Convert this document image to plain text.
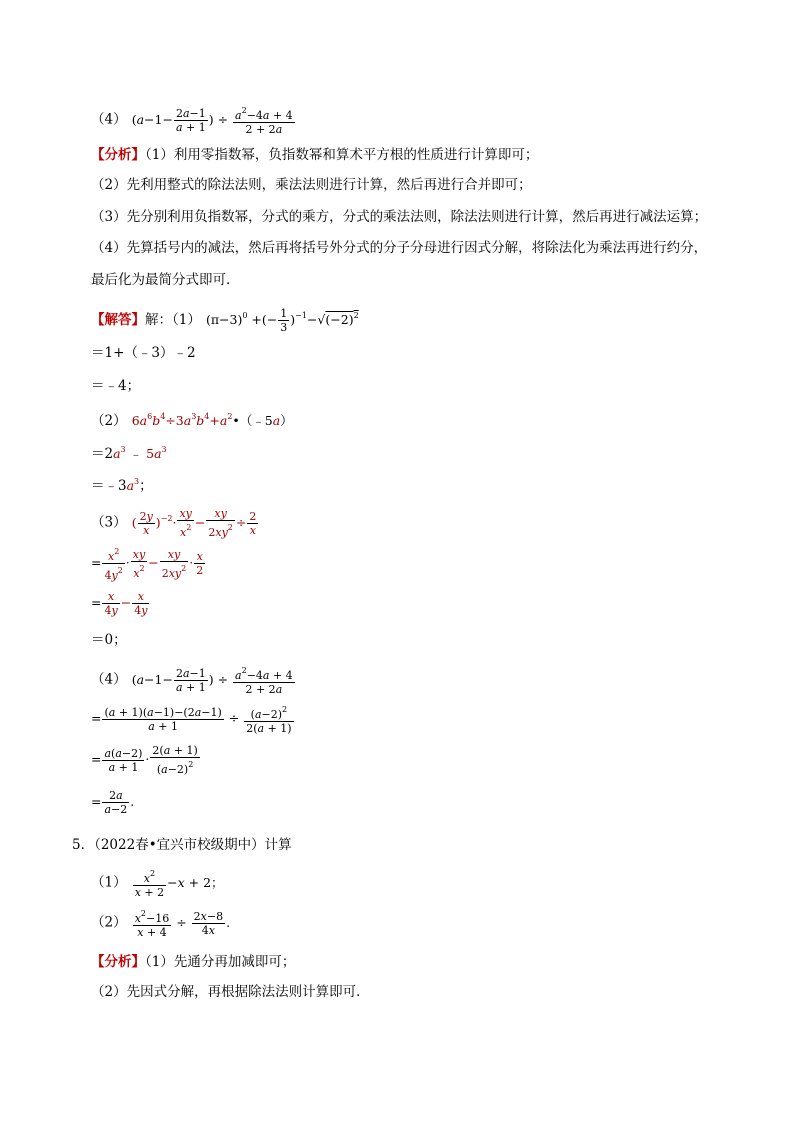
（4） ($a-1- \frac{2a-1}{a + 1}$ ) ÷ $\frac{a^2-4a + 4}{2 + 2a}$
【分析】（1）利用零指数幂，负指数幂和算术平方根的性质进行计算即可；
（2）先利用整式的除法法则，乘法法则进行计算，然后再进行合并即可；
（3）先分别利用负指数幂，分式的乘方，分式的乘法法则，除法法则进行计算，然后再进行减法运算；
（4）先算括号内的减法，然后再将括号外分式的分子分母进行因式分解，将除法化为乘法再进行约分，
最后化为最简分式即可．
【解答】解：（1） $(\pi-3)^0$ +(− $\frac{1}{3} )^{-1}-√(-2)^2$
＝1+（﹣3）﹣2
＝﹣4；
（2） $6a^6b^4\div 3a^3b^4+a^2•(﹣5a)$
$=2a^3$ ﹣ $5a^3$
$=﹣3a^3$；
（3） ( $\frac{2y}{x} )^{-2}\cdot \frac{xy}{x^2} - \frac{xy}{2xy^2} \div \frac{2}{x}$
= $\frac{x^2}{4y^2} \cdot \frac{xy}{x^2} - \frac{xy}{2xy^2} \cdot \frac{x}{2}$
= $\frac{x}{4y} - \frac{x}{4y}$
＝0；
（4） ($a-1- \frac{2a-1}{a + 1}$ ) ÷ $\frac{a^2-4a + 4}{2 + 2a}$
= $\frac{(a + 1)(a-1)-(2a-1)}{a + 1} \div \frac{(a-2)^2}{2(a + 1)}$
= $\frac{a(a-2)}{a + 1} \cdot \frac{2(a + 1)}{(a-2)^2}$
= $\frac{2a}{a-2}$ .
5．（2022春•宜兴市校级期中）计算
$(1) \frac{x^2}{x + 2} -x + 2$；
$(2) \frac{x^2-16}{x + 4} \div \frac{2x-8}{4x}$ .
【分析】（1）先通分再加减即可；
（2）先因式分解，再根据除法法则计算即可．
